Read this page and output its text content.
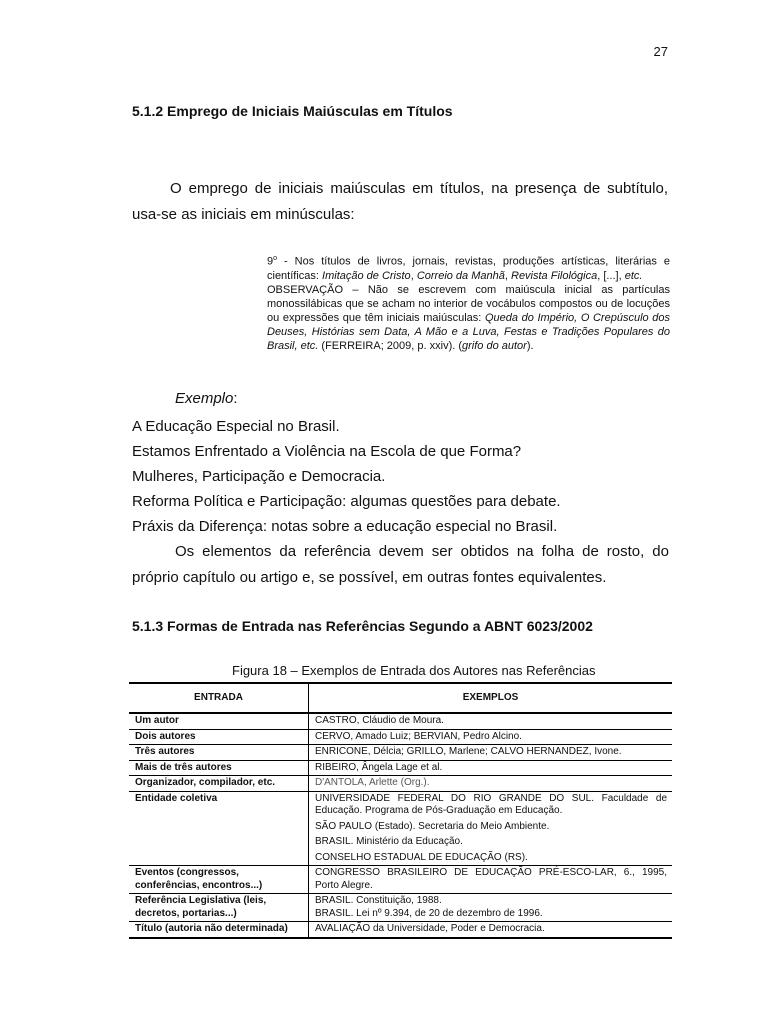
27
5.1.2 Emprego de Iniciais Maiúsculas em Títulos

O emprego de iniciais maiúsculas em títulos, na presença de subtítulo, usa-se as iniciais em minúsculas:

9$^o$ - Nos títulos de livros, jornais, revistas, produções artísticas, literárias e científicas: Imitação de Cristo, Correio da Manhã, Revista Filológica, [...], etc.

OBSERVAÇÃO – Não se escrevem com maiúscula inicial as partículas monossilábicas que se acham no interior de vocábulos compostos ou de locuções ou expressões que têm iniciais maiúsculas: Queda do Império, O Crepúsculo dos Deuses, Histórias sem Data, A Mão e a Luva, Festas e Tradições Populares do Brasil, etc. (FERREIRA; 2009, p. xxiv). (grifo do autor).

Exemplo:
A Educação Especial no Brasil.
Estamos Enfrentado a Violência na Escola de que Forma?
Mulheres, Participação e Democracia.
Reforma Política e Participação: algumas questões para debate.
Práxis da Diferença: notas sobre a educação especial no Brasil.

Os elementos da referência devem ser obtidos na folha de rosto, do próprio capítulo ou artigo e, se possível, em outras fontes equivalentes.

5.1.3 Formas de Entrada nas Referências Segundo a ABNT 6023/2002
Figura 18 – Exemplos de Entrada dos Autores nas Referências
ENTRADA	EXEMPLOS
Um autor	CASTRO, Cláudio de Moura.

Dois autores	CERVO, Amado Luiz; BERVIAN, Pedro Alcino.

Três autores	ENRICONE, Délcia; GRILLO, Marlene; CALVO HERNANDEZ, Ivone.

Mais de três autores	RIBEIRO, Ângela Lage et al.

Organizador, compilador, etc.	D'ANTOLA, Arlette (Org.).

Entidade coletiva	UNIVERSIDADE FEDERAL DO RIO GRANDE DO SUL. Faculdade de Educação. Programa de Pós-Graduação em Educação.
SÃO PAULO (Estado). Secretaria do Meio Ambiente.
BRASIL. Ministério da Educação.
CONSELHO ESTADUAL DE EDUCAÇÃO (RS).

Eventos (congressos, conferências, encontros...)	CONGRESSO BRASILEIRO DE EDUCAÇÃO PRÉ-ESCO-LAR, 6., 1995, Porto Alegre.

Referência Legislativa (leis, decretos, portarias...)	BRASIL. Constituição, 1988.
BRASIL. Lei nº 9.394, de 20 de dezembro de 1996.

Título (autoria não determinada)	AVALIAÇÃO da Universidade, Poder e Democracia.
